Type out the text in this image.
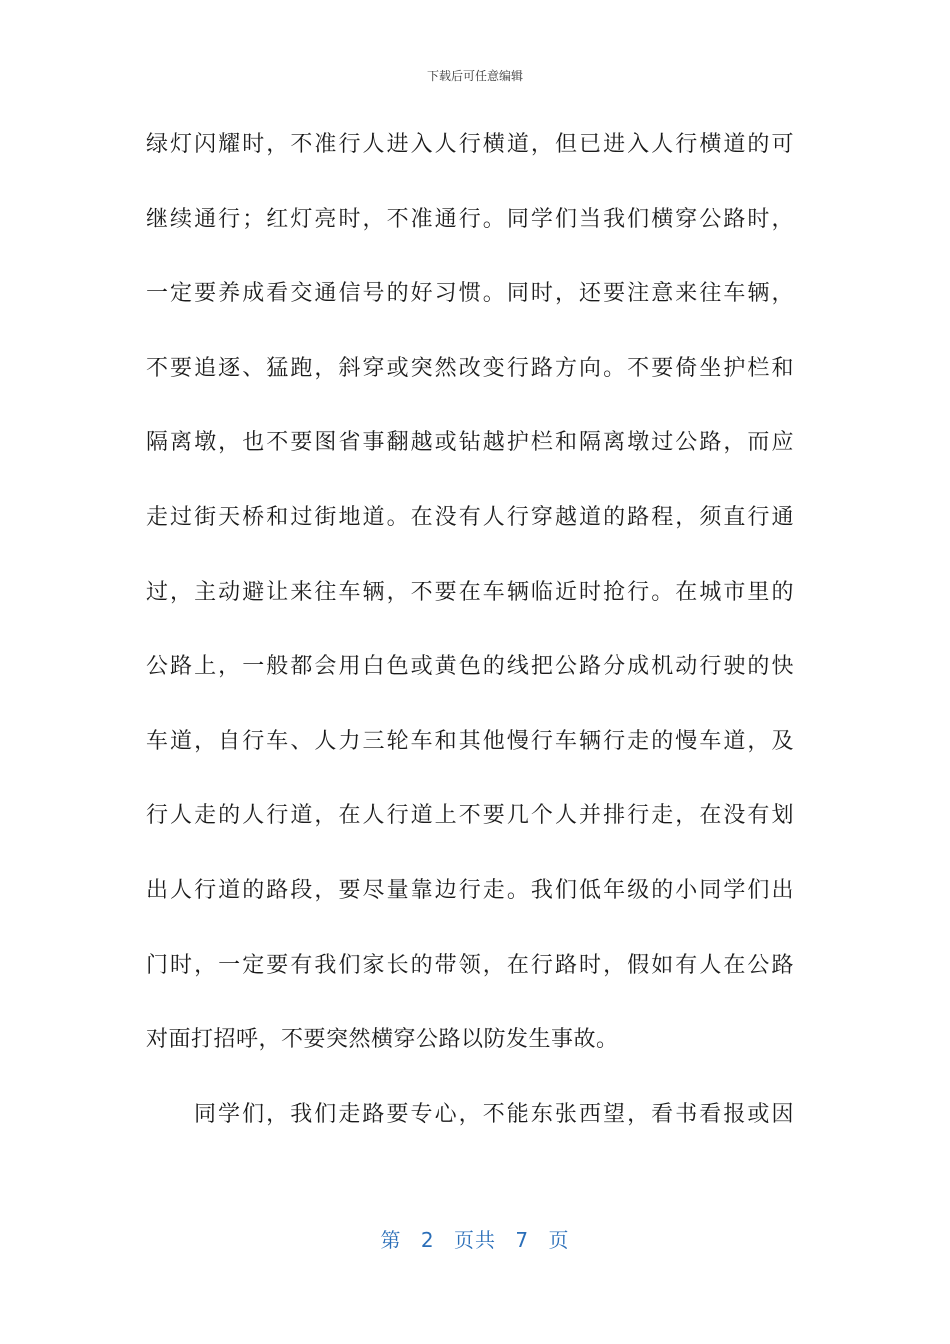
下载后可任意编辑
绿灯闪耀时，不准行人进入人行横道，但已进入人行横道的可
继续通行；红灯亮时，不准通行。同学们当我们横穿公路时，
一定要养成看交通信号的好习惯。同时，还要注意来往车辆，
不要追逐、猛跑，斜穿或突然改变行路方向。不要倚坐护栏和
隔离墩，也不要图省事翻越或钻越护栏和隔离墩过公路，而应
走过街天桥和过街地道。在没有人行穿越道的路程，须直行通
过，主动避让来往车辆，不要在车辆临近时抢行。在城市里的
公路上，一般都会用白色或黄色的线把公路分成机动行驶的快
车道，自行车、人力三轮车和其他慢行车辆行走的慢车道，及
行人走的人行道，在人行道上不要几个人并排行走，在没有划
出人行道的路段，要尽量靠边行走。我们低年级的小同学们出
门时，一定要有我们家长的带领，在行路时，假如有人在公路
对面打招呼，不要突然横穿公路以防发生事故。
同学们，我们走路要专心，不能东张西望，看书看报或因
第 2 页共 7 页
